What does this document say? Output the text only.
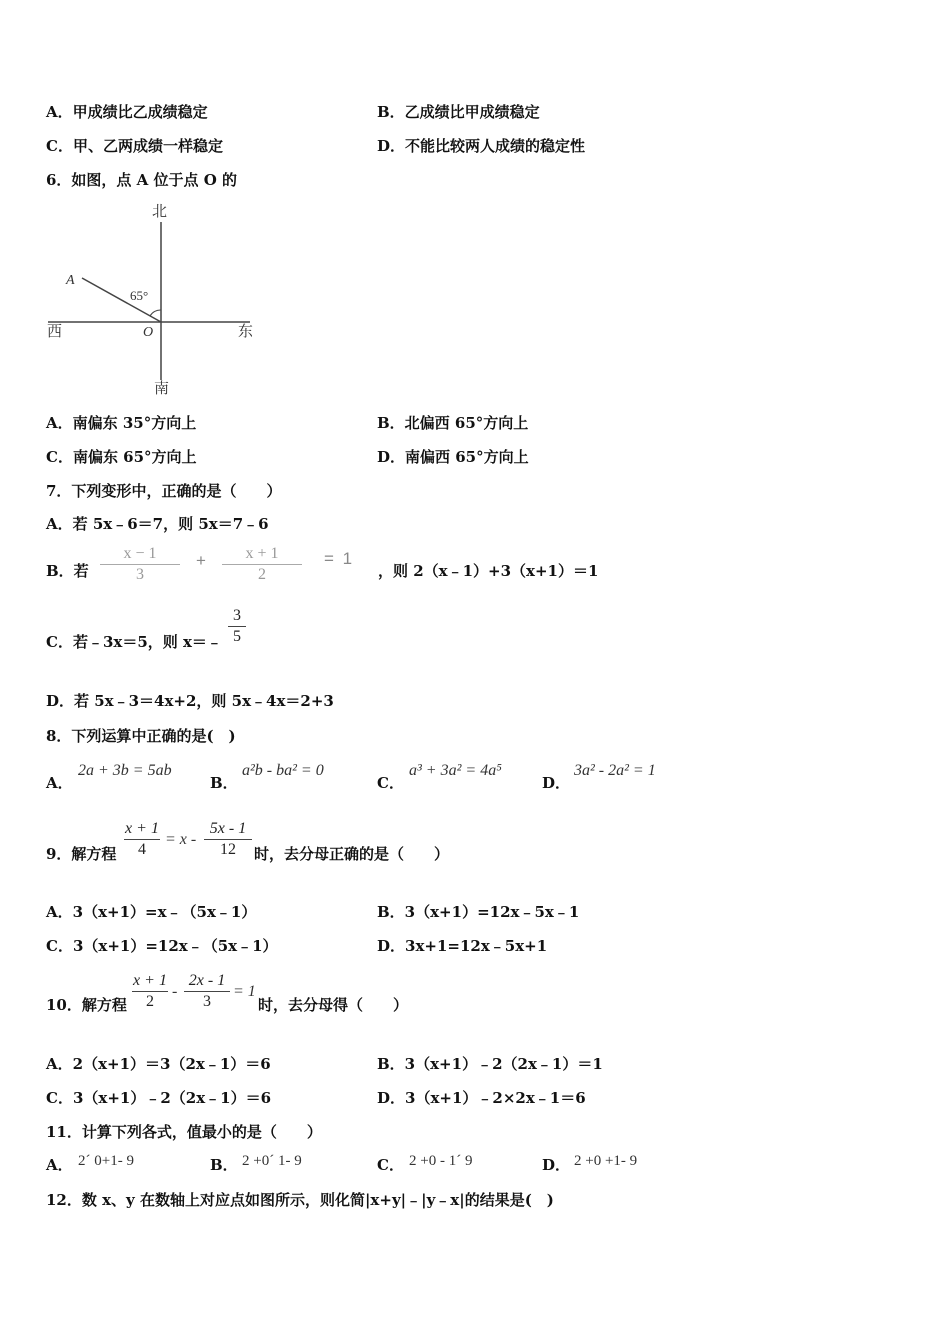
A．甲成绩比乙成绩稳定	B．乙成绩比甲成绩稳定
C．甲、乙两成绩一样稳定	D．不能比较两人成绩的稳定性
6．如图，点 A 位于点 O 的
北
南
西	东
A
O
65°
A．南偏东 35°方向上	B．北偏西 65°方向上
C．南偏东 65°方向上	D．南偏西 65°方向上
7．下列变形中，正确的是（　　）
A．若 5x﹣6＝7，则 5x＝7﹣6
B．若
x − 1
3
+	x + 1
2
= 1
，则 2（x﹣1）+3（x+1）＝1
C．若﹣3x＝5，则 x＝﹣
3
5
D．若 5x﹣3＝4x+2，则 5x﹣4x＝2+3
8．下列运算中正确的是(　)
A．
2a + 3b = 5ab
B．
a²b - ba² = 0
C．
a³ + 3a² = 4a⁵
D．
3a² - 2a² = 1
9．解方程
x + 1
4
= x -
5x - 1
12	时，去分母正确的是（　　）
A．3（x+1）=x﹣（5x﹣1）	B．3（x+1）=12x﹣5x﹣1
C．3（x+1）=12x﹣（5x﹣1）	D．3x+1=12x﹣5x+1
10．解方程
x + 1
2
-
2x - 1
3
= 1
时，去分母得（　　）
A．2（x+1）＝3（2x﹣1）＝6	B．3（x+1）﹣2（2x﹣1）＝1
C．3（x+1）﹣2（2x﹣1）＝6	D．3（x+1）﹣2×2x﹣1＝6
11．计算下列各式，值最小的是（　　）
A． 2´ 0+1- 9	B． 2 +0´ 1- 9	C． 2 +0 - 1´ 9	D． 2 +0 +1- 9
12．数 x、y 在数轴上对应点如图所示，则化简|x+y|﹣|y﹣x|的结果是(　)
